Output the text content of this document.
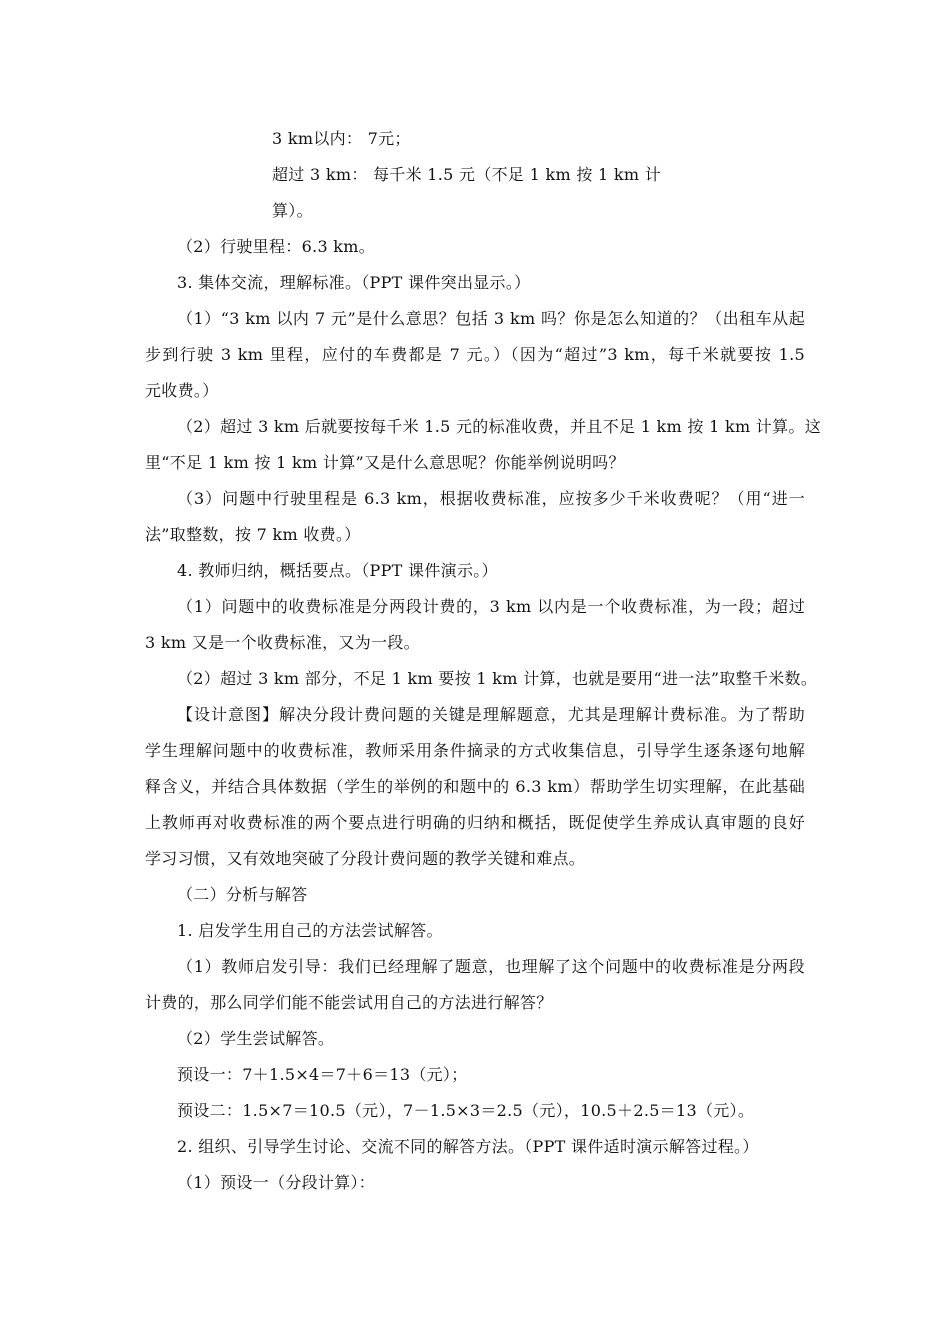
3 km以内： 7元；
超过 3 km： 每千米 1.5 元（不足 1 km 按 1 km 计
算）。
（2）行驶里程：6.3 km。
3. 集体交流，理解标准。（PPT 课件突出显示。）
（1）“3 km 以内 7 元”是什么意思？包括 3 km 吗？你是怎么知道的？（出租车从起
步到行驶 3 km 里程，应付的车费都是 7 元。）（因为“超过”3 km，每千米就要按 1.5
元收费。）
（2）超过 3 km 后就要按每千米 1.5 元的标准收费，并且不足 1 km 按 1 km 计算。这
里“不足 1 km 按 1 km 计算”又是什么意思呢？你能举例说明吗？
（3）问题中行驶里程是 6.3 km，根据收费标准，应按多少千米收费呢？（用“进一
法”取整数，按 7 km 收费。）
4. 教师归纳，概括要点。（PPT 课件演示。）
（1）问题中的收费标准是分两段计费的，3 km 以内是一个收费标准，为一段；超过
3 km 又是一个收费标准，又为一段。
（2）超过 3 km 部分，不足 1 km 要按 1 km 计算，也就是要用“进一法”取整千米数。
【设计意图】解决分段计费问题的关键是理解题意，尤其是理解计费标准。为了帮助
学生理解问题中的收费标准，教师采用条件摘录的方式收集信息，引导学生逐条逐句地解
释含义，并结合具体数据（学生的举例的和题中的 6.3 km）帮助学生切实理解，在此基础
上教师再对收费标准的两个要点进行明确的归纳和概括，既促使学生养成认真审题的良好
学习习惯，又有效地突破了分段计费问题的教学关键和难点。
（二）分析与解答
1. 启发学生用自己的方法尝试解答。
（1）教师启发引导：我们已经理解了题意，也理解了这个问题中的收费标准是分两段
计费的，那么同学们能不能尝试用自己的方法进行解答？
（2）学生尝试解答。
预设一：7＋1.5×4＝7＋6＝13（元）；
预设二：1.5×7＝10.5（元），7－1.5×3＝2.5（元），10.5＋2.5＝13（元）。
2. 组织、引导学生讨论、交流不同的解答方法。（PPT 课件适时演示解答过程。）
（1）预设一（分段计算）：
